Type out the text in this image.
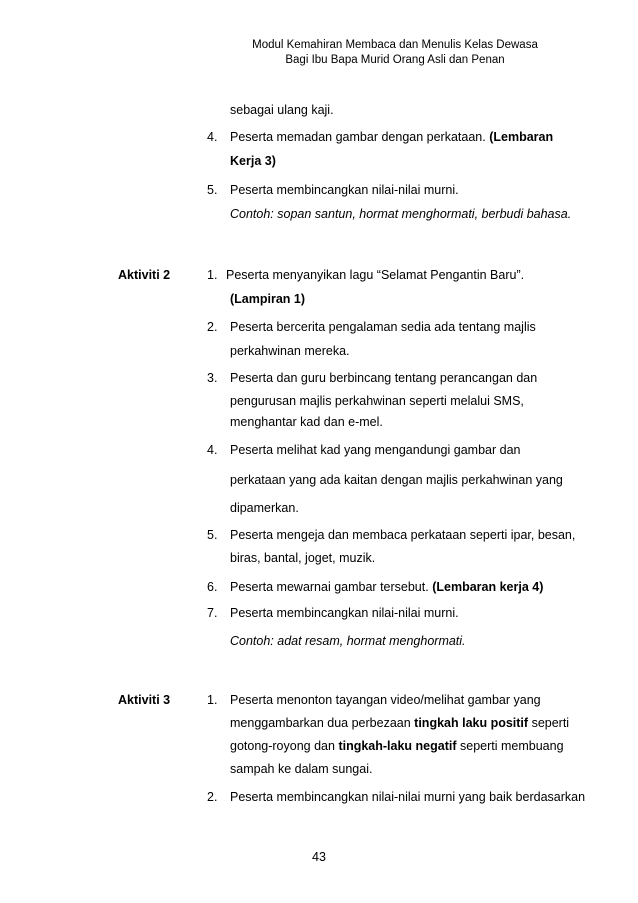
Modul Kemahiran Membaca dan Menulis Kelas Dewasa
Bagi Ibu Bapa Murid Orang Asli dan Penan
sebagai ulang kaji.
4. Peserta memadan gambar dengan perkataan. (Lembaran
Kerja 3)
5. Peserta membincangkan nilai-nilai murni.
Contoh: sopan santun, hormat menghormati, berbudi bahasa.
Aktiviti 2	1. Peserta menyanyikan lagu “Selamat Pengantin Baru”.
(Lampiran 1)
2. Peserta bercerita pengalaman sedia ada tentang majlis
perkahwinan mereka.
3. Peserta dan guru berbincang tentang perancangan dan
pengurusan majlis perkahwinan seperti melalui SMS,
menghantar kad dan e-mel.
4. Peserta melihat kad yang mengandungi gambar dan
perkataan yang ada kaitan dengan majlis perkahwinan yang
dipamerkan.
5. Peserta mengeja dan membaca perkataan seperti ipar, besan,
biras, bantal, joget, muzik.
6. Peserta mewarnai gambar tersebut. (Lembaran kerja 4)
7. Peserta membincangkan nilai-nilai murni.
Contoh: adat resam, hormat menghormati.
Aktiviti 3	1. Peserta menonton tayangan video/melihat gambar yang
menggambarkan dua perbezaan tingkah laku positif seperti
gotong-royong dan tingkah-laku negatif seperti membuang
sampah ke dalam sungai.
2. Peserta membincangkan nilai-nilai murni yang baik berdasarkan
43
